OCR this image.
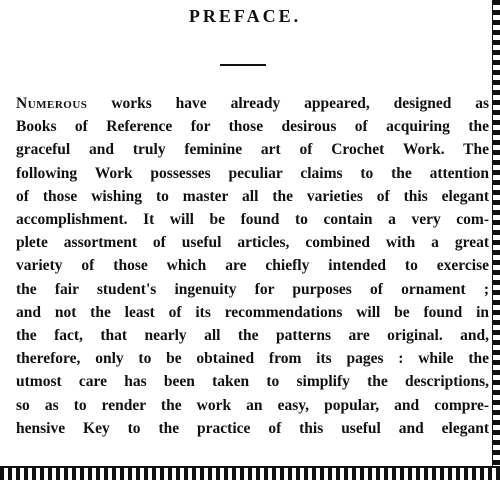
PREFACE.
Numerous works have already appeared, designed as
Books of Reference for those desirous of acquiring the
graceful and truly feminine art of Crochet Work. The
following Work possesses peculiar claims to the attention
of those wishing to master all the varieties of this elegant
accomplishment. It will be found to contain a very com-
plete assortment of useful articles, combined with a great
variety of those which are chiefly intended to exercise
the fair student's ingenuity for purposes of ornament ;
and not the least of its recommendations will be found in
the fact, that nearly all the patterns are original. and,
therefore, only to be obtained from its pages : while the
utmost care has been taken to simplify the descriptions,
so as to render the work an easy, popular, and compre-
hensive Key to the practice of this useful and elegant
